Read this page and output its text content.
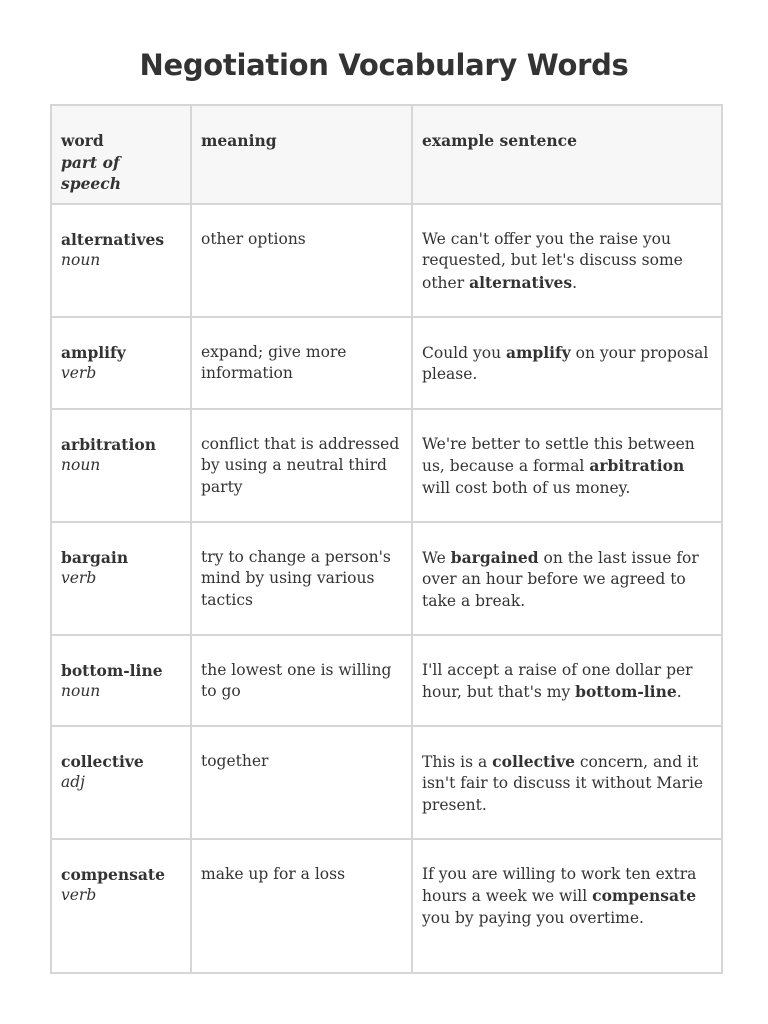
Negotiation Vocabulary Words
word
part of speech	meaning	example sentence

alternatives
noun	other options	We can't offer you the raise you requested, but let's discuss some other alternatives.

amplify
verb	expand; give more information	Could you amplify on your proposal please.

arbitration
noun	conflict that is addressed by using a neutral third party	We're better to settle this between us, because a formal arbitration will cost both of us money.

bargain
verb	try to change a person's mind by using various tactics	We bargained on the last issue for over an hour before we agreed to take a break.

bottom-line
noun	the lowest one is willing to go	I'll accept a raise of one dollar per hour, but that's my bottom-line.

collective
adj	together	This is a collective concern, and it isn't fair to discuss it without Marie present.

compensate
verb	make up for a loss	If you are willing to work ten extra hours a week we will compensate you by paying you overtime.
